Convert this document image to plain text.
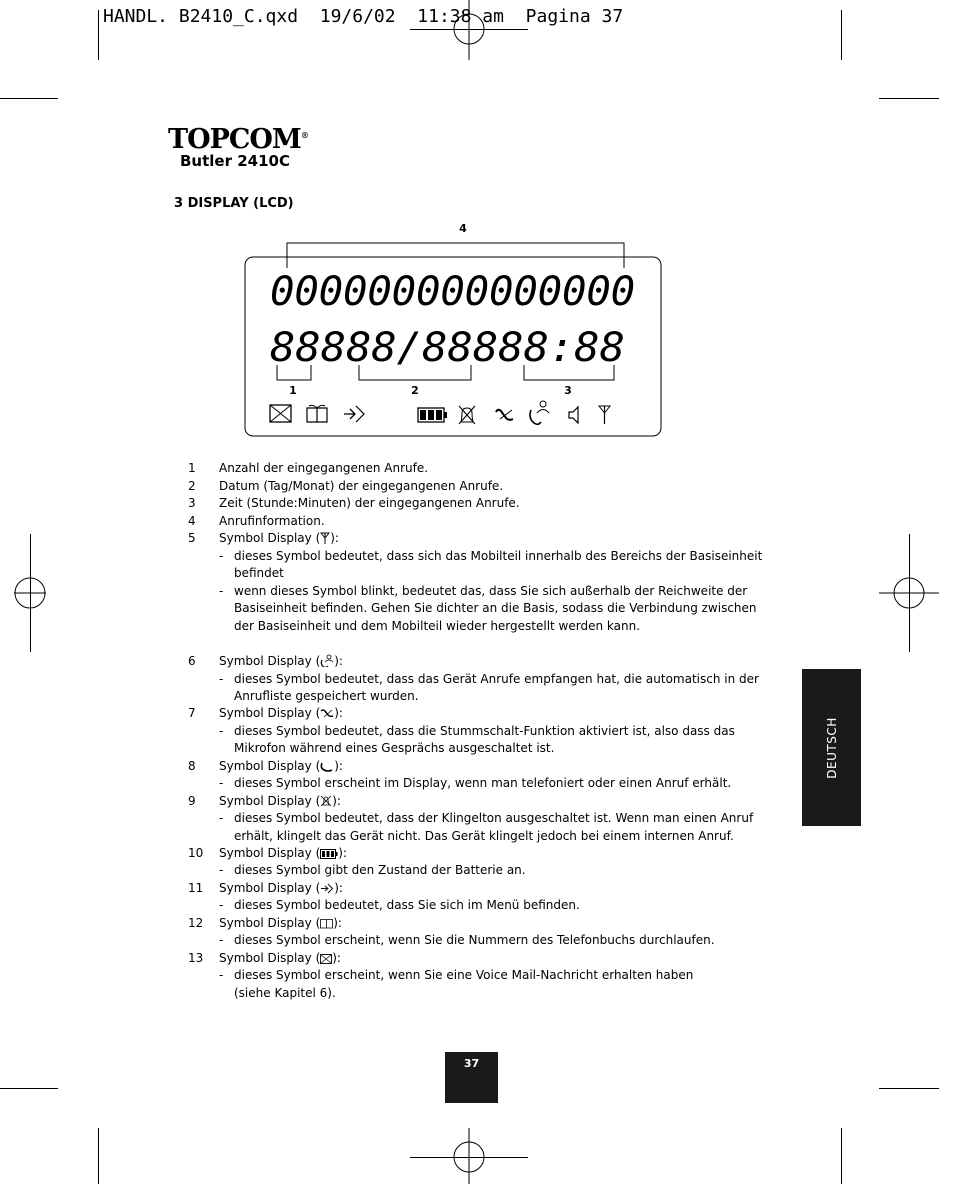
HANDL. B2410_C.qxd  19/6/02  11:38 am  Pagina 37
TOPCOM®
Butler 2410C
3 DISPLAY (LCD)
4
000000000000000
88888/88888:88
1	2	3
1	Anzahl der eingegangenen Anrufe.
2	Datum (Tag/Monat) der eingegangenen Anrufe.
3	Zeit (Stunde:Minuten) der eingegangenen Anrufe.
4	Anrufinformation.
5	Symbol Display ( ):
- dieses Symbol bedeutet, dass sich das Mobilteil innerhalb des Bereichs der Basiseinheit
befindet
- wenn dieses Symbol blinkt, bedeutet das, dass Sie sich außerhalb der Reichweite der
Basiseinheit befinden. Gehen Sie dichter an die Basis, sodass die Verbindung zwischen
der Basiseinheit und dem Mobilteil wieder hergestellt werden kann.
6	Symbol Display ( ):
- dieses Symbol bedeutet, dass das Gerät Anrufe empfangen hat, die automatisch in der
Anrufliste gespeichert wurden.
7	Symbol Display ( ):
- dieses Symbol bedeutet, dass die Stummschalt-Funktion aktiviert ist, also dass das
Mikrofon während eines Gesprächs ausgeschaltet ist.
8	Symbol Display ( ):
- dieses Symbol erscheint im Display, wenn man telefoniert oder einen Anruf erhält.
9	Symbol Display ( ):
- dieses Symbol bedeutet, dass der Klingelton ausgeschaltet ist. Wenn man einen Anruf
erhält, klingelt das Gerät nicht. Das Gerät klingelt jedoch bei einem internen Anruf.
10 Symbol Display ( ):
- dieses Symbol gibt den Zustand der Batterie an.
11 Symbol Display ( ):
- dieses Symbol bedeutet, dass Sie sich im Menü befinden.
12 Symbol Display ( ):
- dieses Symbol erscheint, wenn Sie die Nummern des Telefonbuchs durchlaufen.
13 Symbol Display ( ):
- dieses Symbol erscheint, wenn Sie eine Voice Mail-Nachricht erhalten haben
(siehe Kapitel 6).
DEUTSCH
37
